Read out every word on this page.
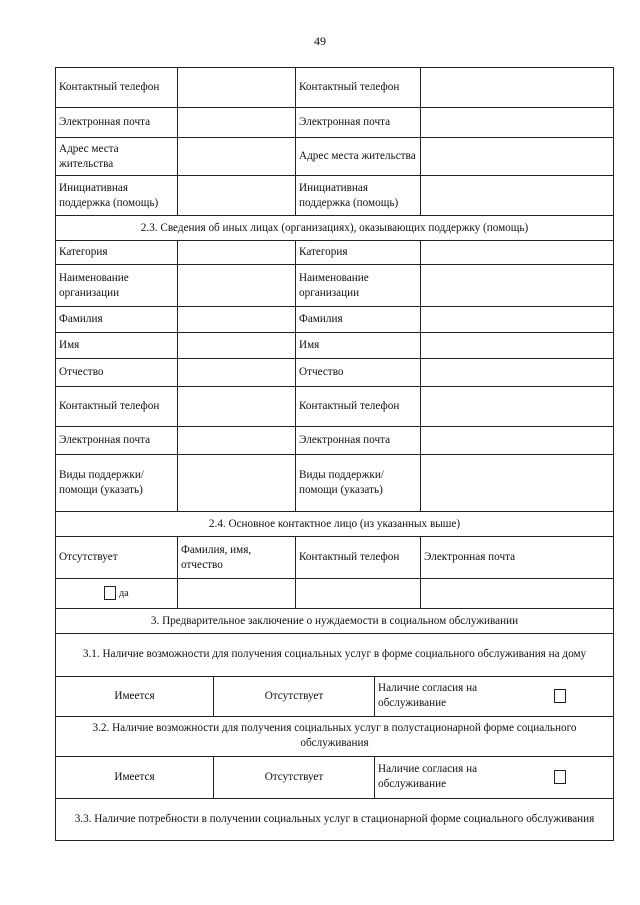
49
Контактный телефон		Контактный телефон	
Электронная почта		Электронная почта	
Адрес места жительства		Адрес места жительства	
Инициативная поддержка (помощь)		Инициативная поддержка (помощь)	
2.3. Сведения об иных лицах (организациях), оказывающих поддержку (помощь)			
Категория		Категория	
Наименование организации		Наименование организации	
Фамилия		Фамилия	
Имя		Имя	
Отчество		Отчество	
Контактный телефон		Контактный телефон	
Электронная почта		Электронная почта	
Виды поддержки/помощи (указать)		Виды поддержки/помощи (указать)	
2.4. Основное контактное лицо (из указанных выше)			
Отсутствует	Фамилия, имя, отчество	Контактный телефон	Электронная почта
да			
3. Предварительное заключение о нуждаемости в социальном обслуживании			
3.1. Наличие возможности для получения социальных услуг в форме социального обслуживания на дому		
Имеется	Отсутствует	Наличие согласия на обслуживание

3.2. Наличие возможности для получения социальных услуг в полустационарной форме социального обслуживания		
Имеется	Отсутствует	Наличие согласия на обслуживание

3.3. Наличие потребности в получении социальных услуг в стационарной форме социального обслуживания		
